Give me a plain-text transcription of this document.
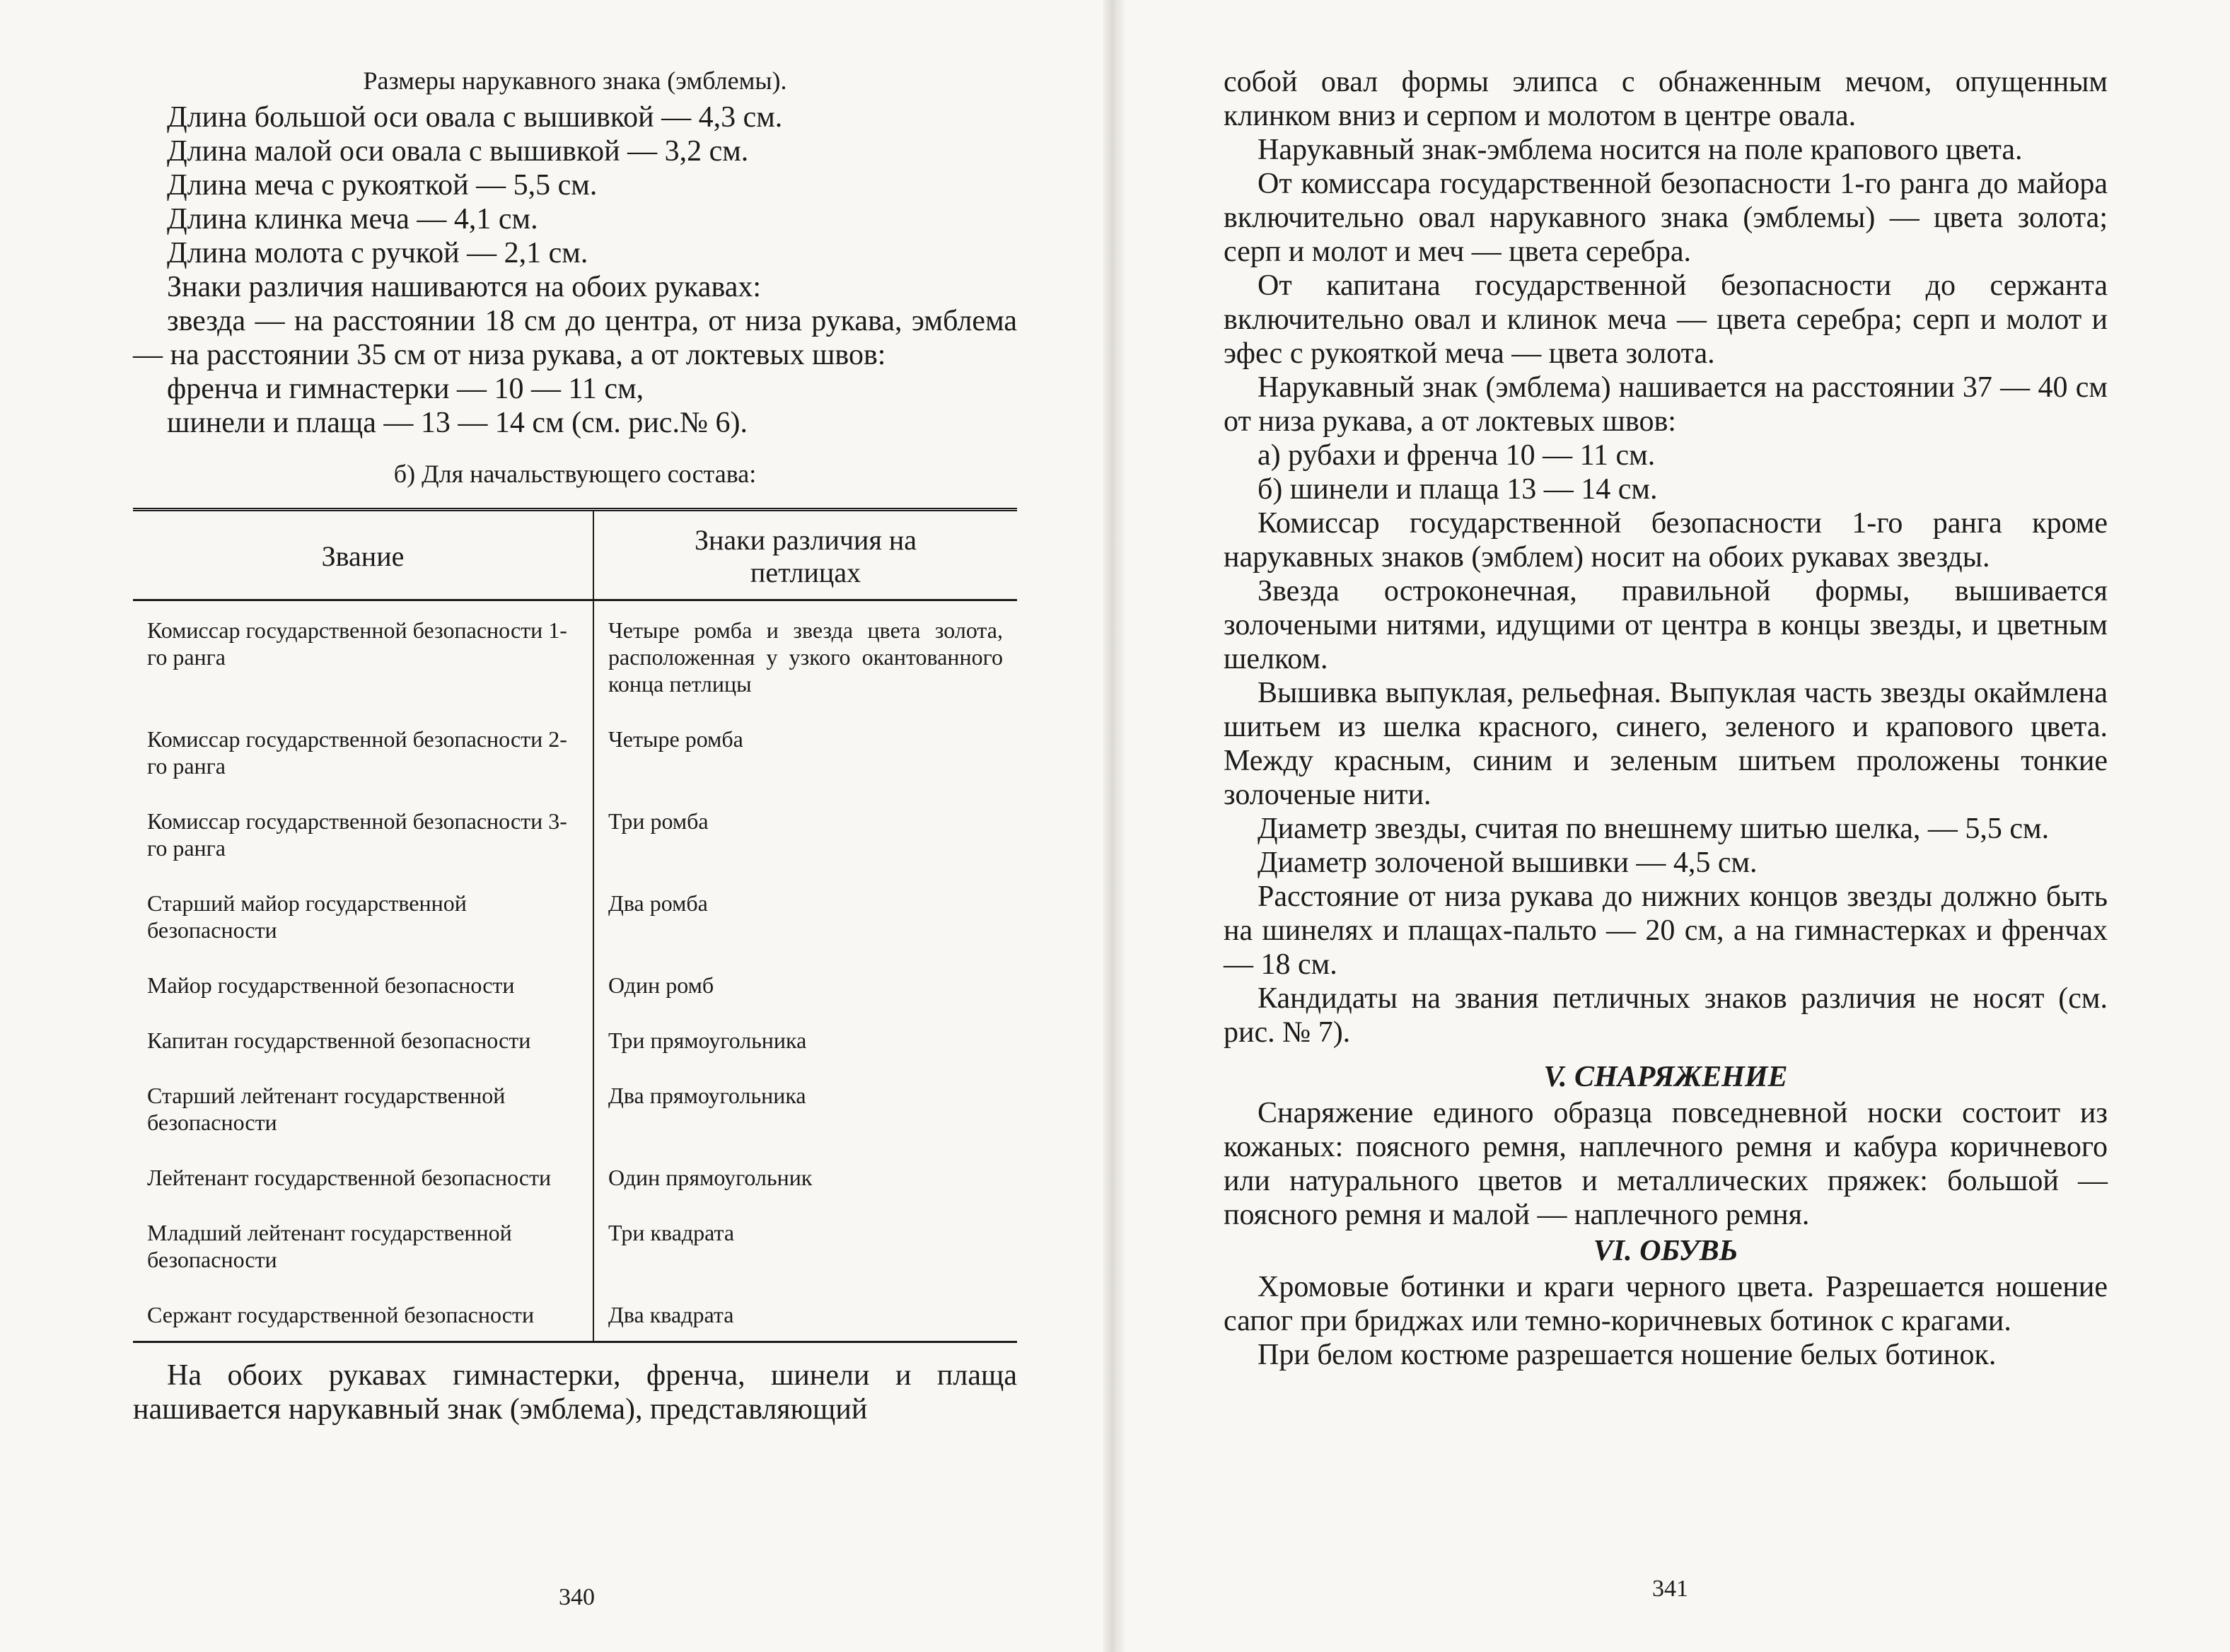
Размеры нарукавного знака (эмблемы).

Длина большой оси овала с вышивкой — 4,3 см.

Длина малой оси овала с вышивкой — 3,2 см.

Длина меча с рукояткой — 5,5 см.

Длина клинка меча — 4,1 см.

Длина молота с ручкой — 2,1 см.

Знаки различия нашиваются на обоих рукавах:

звезда — на расстоянии 18 см до центра, от низа рукава, эмблема — на расстоянии 35 см от низа рукава, а от локтевых швов:

френча и гимнастерки — 10 — 11 см,

шинели и плаща — 13 — 14 см (см. рис.№ 6).

б) Для начальствующего состава:

Звание	Знаки различия на петлицах
Комиссар государственной безопасности 1-го ранга	Четыре ромба и звезда цвета золота, расположенная у узкого окантованного конца петлицы
Комиссар государственной безопасности 2-го ранга	Четыре ромба
Комиссар государственной безопасности 3-го ранга	Три ромба
Старший майор государственной безопасности	Два ромба
Майор государственной безопасности	Один ромб
Капитан государственной безопасности	Три прямоугольника
Старший лейтенант государственной безопасности	Два прямоугольника
Лейтенант государственной безопасности	Один прямоугольник
Младший лейтенант государственной безопасности	Три квадрата
Сержант государственной безопасности	Два квадрата

На обоих рукавах гимнастерки, френча, шинели и плаща нашивается нарукавный знак (эмблема), представляющий

340

собой овал формы элипса с обнаженным мечом, опущенным клинком вниз и серпом и молотом в центре овала.

Нарукавный знак-эмблема носится на поле крапового цвета.

От комиссара государственной безопасности 1-го ранга до майора включительно овал нарукавного знака (эмблемы) — цвета золота; серп и молот и меч — цвета серебра.

От капитана государственной безопасности до сержанта включительно овал и клинок меча — цвета серебра; серп и молот и эфес с рукояткой меча — цвета золота.

Нарукавный знак (эмблема) нашивается на расстоянии 37 — 40 см от низа рукава, а от локтевых швов:

а) рубахи и френча 10 — 11 см.

б) шинели и плаща 13 — 14 см.

Комиссар государственной безопасности 1-го ранга кроме нарукавных знаков (эмблем) носит на обоих рукавах звезды.

Звезда остроконечная, правильной формы, вышивается золочеными нитями, идущими от центра в концы звезды, и цветным шелком.

Вышивка выпуклая, рельефная. Выпуклая часть звезды окаймлена шитьем из шелка красного, синего, зеленого и крапового цвета. Между красным, синим и зеленым шитьем проложены тонкие золоченые нити.

Диаметр звезды, считая по внешнему шитью шелка, — 5,5 см.

Диаметр золоченой вышивки — 4,5 см.

Расстояние от низа рукава до нижних концов звезды должно быть на шинелях и плащах-пальто — 20 см, а на гимнастерках и френчах — 18 см.

Кандидаты на звания петличных знаков различия не носят (см. рис. № 7).

V. СНАРЯЖЕНИЕ

Снаряжение единого образца повседневной носки состоит из кожаных: поясного ремня, наплечного ремня и кабура коричневого или натурального цветов и металлических пряжек: большой — поясного ремня и малой — наплечного ремня.

VI. ОБУВЬ

Хромовые ботинки и краги черного цвета. Разрешается ношение сапог при бриджах или темно-коричневых ботинок с крагами.

При белом костюме разрешается ношение белых ботинок.

341
